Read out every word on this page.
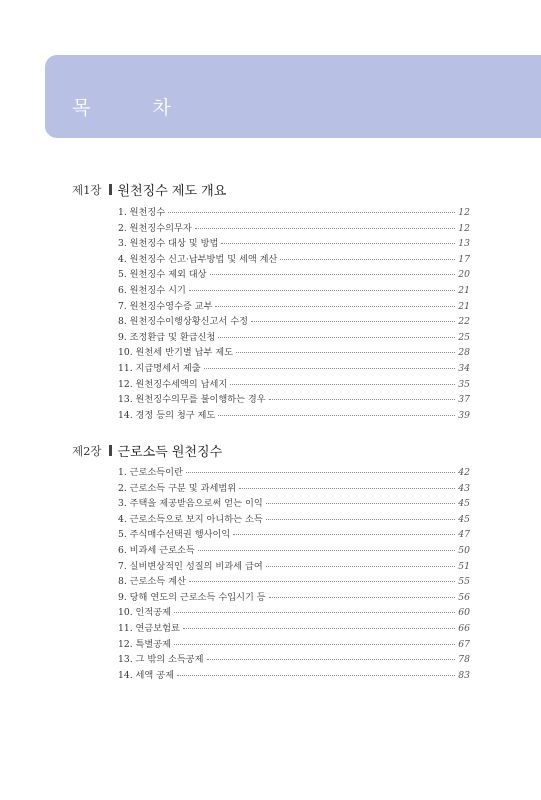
목 차
제1장 원천징수 제도 개요
1. 원천징수	12
2. 원천징수의무자	12
3. 원천징수 대상 및 방법	13
4. 원천징수 신고·납부방법 및 세액 계산	17
5. 원천징수 제외 대상	20
6. 원천징수 시기	21
7. 원천징수영수증 교부	21
8. 원천징수이행상황신고서 수정	22
9. 조정환급 및 환급신청	25
10. 원천세 반기별 납부 제도	28
11. 지급명세서 제출	34
12. 원천징수세액의 납세지	35
13. 원천징수의무를 불이행하는 경우	37
14. 경정 등의 청구 제도	39
제2장 근로소득 원천징수
1. 근로소득이란	42
2. 근로소득 구분 및 과세범위	43
3. 주택을 제공받음으로써 얻는 이익	45
4. 근로소득으로 보지 아니하는 소득	45
5. 주식매수선택권 행사이익	47
6. 비과세 근로소득	50
7. 실비변상적인 성질의 비과세 급여	51
8. 근로소득 계산	55
9. 당해 연도의 근로소득 수입시기 등	56
10. 인적공제	60
11. 연금보험료	66
12. 특별공제	67
13. 그 밖의 소득공제	78
14. 세액 공제	83
